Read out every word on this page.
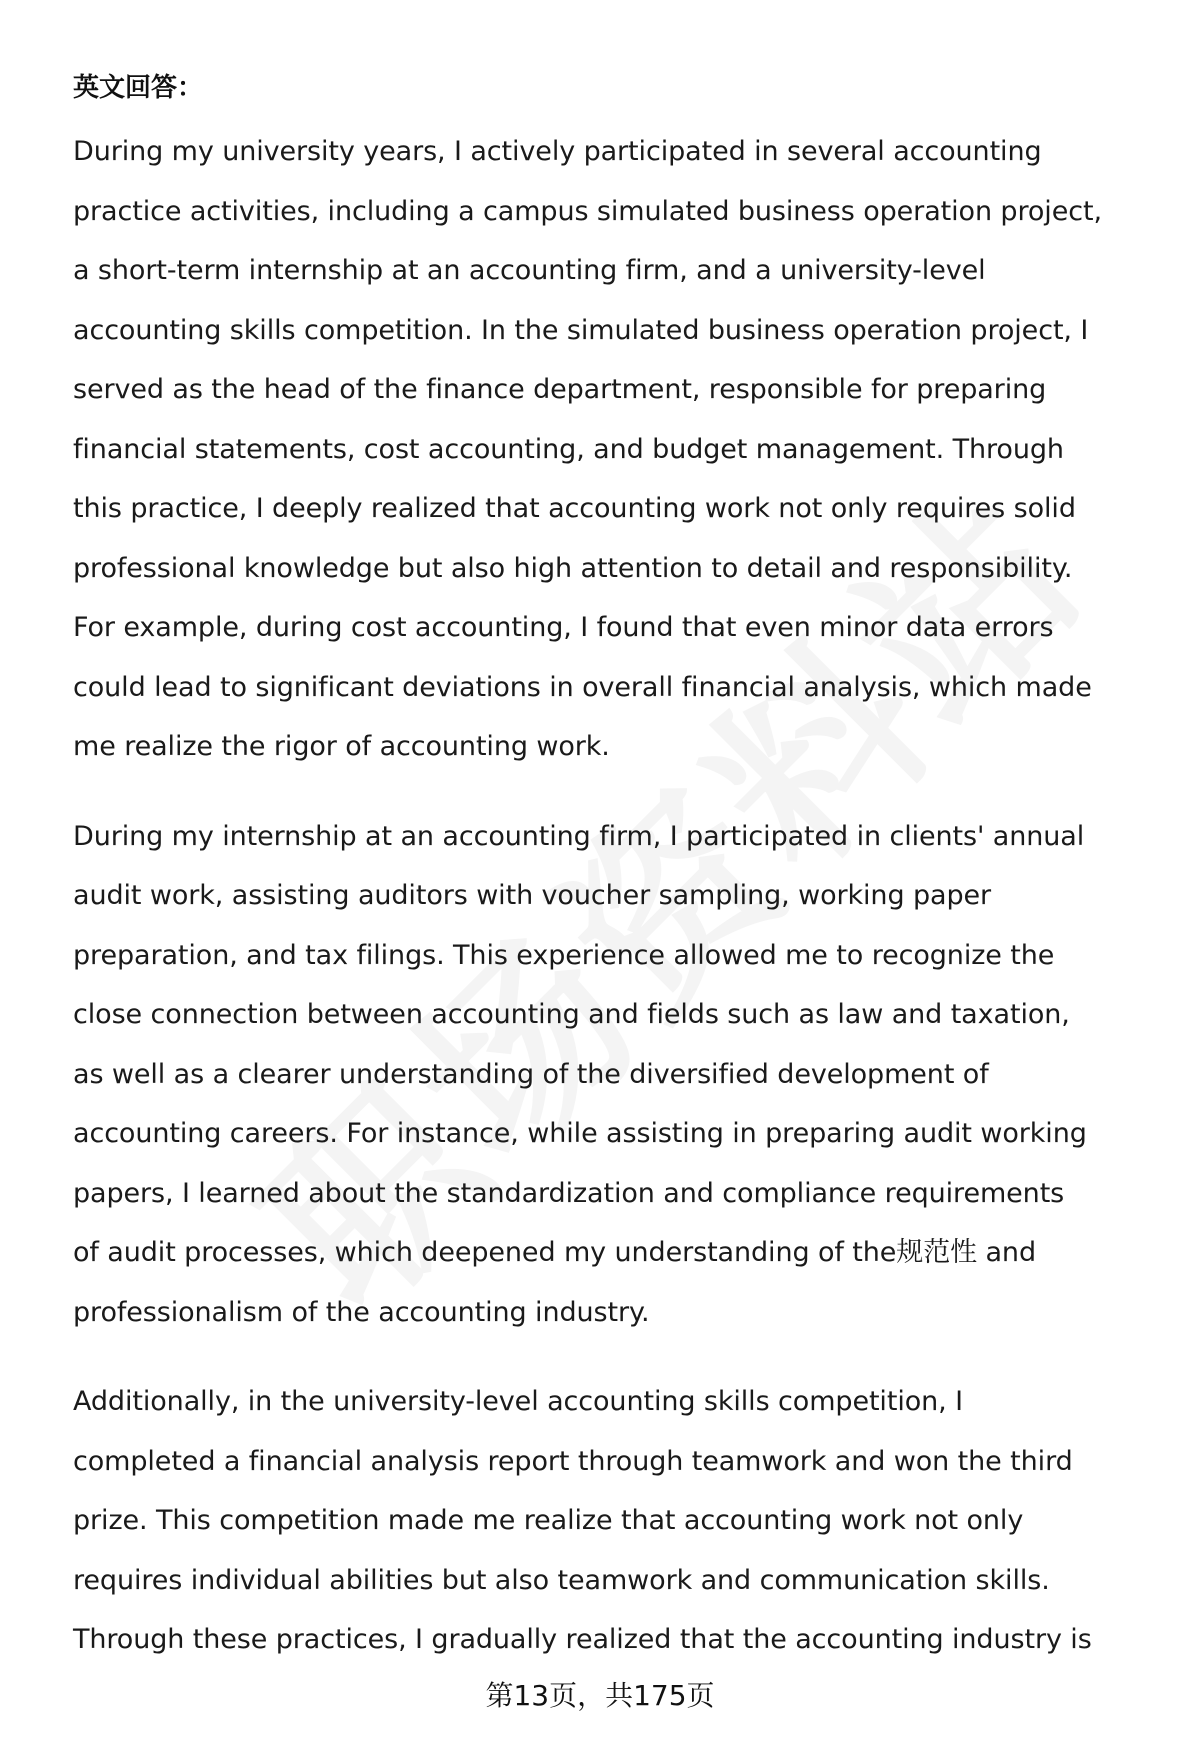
英文回答：
During my university years, I actively participated in several accounting
practice activities, including a campus simulated business operation project,
a short-term internship at an accounting firm, and a university-level
accounting skills competition. In the simulated business operation project, I
served as the head of the finance department, responsible for preparing
financial statements, cost accounting, and budget management. Through
this practice, I deeply realized that accounting work not only requires solid
professional knowledge but also high attention to detail and responsibility.
For example, during cost accounting, I found that even minor data errors
could lead to significant deviations in overall financial analysis, which made
me realize the rigor of accounting work.
During my internship at an accounting firm, I participated in clients' annual
audit work, assisting auditors with voucher sampling, working paper
preparation, and tax filings. This experience allowed me to recognize the
close connection between accounting and fields such as law and taxation,
as well as a clearer understanding of the diversified development of
accounting careers. For instance, while assisting in preparing audit working
papers, I learned about the standardization and compliance requirements
of audit processes, which deepened my understanding of the规范性 and
professionalism of the accounting industry.
Additionally, in the university-level accounting skills competition, I
completed a financial analysis report through teamwork and won the third
prize. This competition made me realize that accounting work not only
requires individual abilities but also teamwork and communication skills.
Through these practices, I gradually realized that the accounting industry is
第13页，共175页
